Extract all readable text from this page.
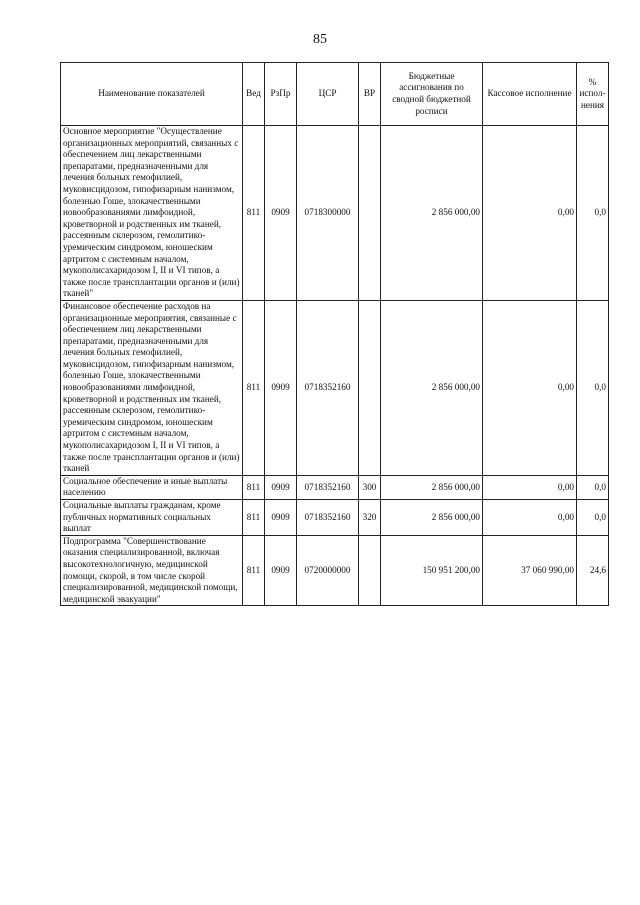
85
Наименование показателей	Вед	РзПр	ЦСР	ВР	Бюджетные ассигнования по сводной бюджетной росписи	Кассовое исполнение	% испол-нения
Основное мероприятие "Осуществление организационных мероприятий, связанных с обеспечением лиц лекарственными препаратами, предназначенными для лечения больных гемофилией, муковисцидозом, гипофизарным нанизмом, болезнью Гоше, злокачественными новообразованиями лимфоидной, кроветворной и родственных им тканей, рассеянным склерозом, гемолитико-уремическим синдромом, юношеским артритом с системным началом, мукополисахаридозом I, II и VI типов, а также после трансплантации органов и (или) тканей"	811	0909	0718300000		2 856 000,00	0,00	0,0
Финансовое обеспечение расходов на организационные мероприятия, связанные с обеспечением лиц лекарственными препаратами, предназначенными для лечения больных гемофилией, муковисцидозом, гипофизарным нанизмом, болезнью Гоше, злокачественными новообразованиями лимфоидной, кроветворной и родственных им тканей, рассеянным склерозом, гемолитико-уремическим синдромом, юношеским артритом с системным началом, мукополисахаридозом I, II и VI типов, а также после трансплантации органов и (или) тканей	811	0909	0718352160		2 856 000,00	0,00	0,0
Социальное обеспечение и иные выплаты населению	811	0909	0718352160	300	2 856 000,00	0,00	0,0
Социальные выплаты гражданам, кроме публичных нормативных социальных выплат	811	0909	0718352160	320	2 856 000,00	0,00	0,0
Подпрограмма "Совершенствование оказания специализированной, включая высокотехнологичную, медицинской помощи, скорой, в том числе скорой специализированной, медицинской помощи, медицинской эвакуации"	811	0909	0720000000		150 951 200,00	37 060 990,00	24,6
